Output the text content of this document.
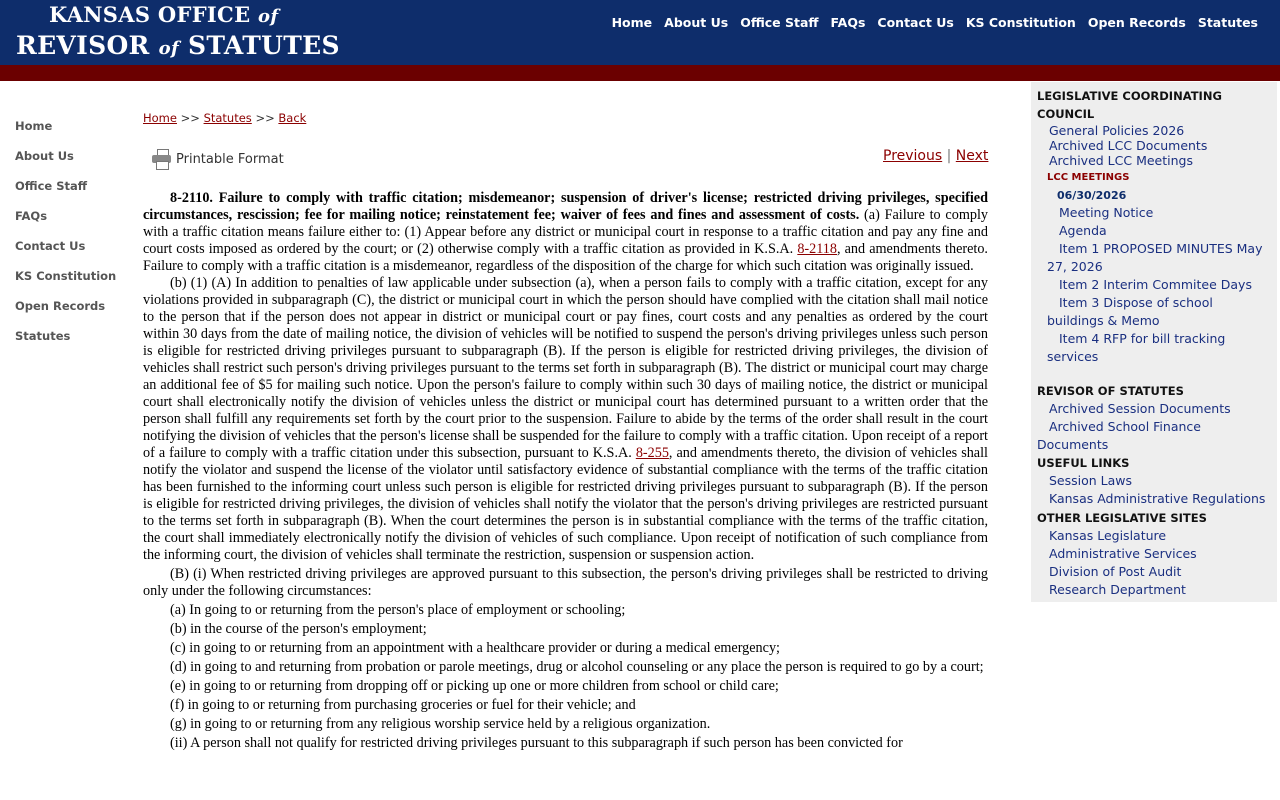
KANSAS OFFICE of
REVISOR of STATUTES
Home About Us Office Staff FAQs Contact Us KS Constitution Open Records Statutes
Home
About Us
Office Staff
FAQs
Contact Us
KS Constitution
Open Records
Statutes
Home >> Statutes >> Back
Printable Format	Previous | Next

8-2110. Failure to comply with traffic citation; misdemeanor; suspension of driver's license; restricted driving privileges, specified circumstances, rescission; fee for mailing notice; reinstatement fee; waiver of fees and fines and assessment of costs. (a) Failure to comply with a traffic citation means failure either to: (1) Appear before any district or municipal court in response to a traffic citation and pay any fine and court costs imposed as ordered by the court; or (2) otherwise comply with a traffic citation as provided in K.S.A. 8-2118, and amendments thereto. Failure to comply with a traffic citation is a misdemeanor, regardless of the disposition of the charge for which such citation was originally issued.

(b) (1) (A) In addition to penalties of law applicable under subsection (a), when a person fails to comply with a traffic citation, except for any violations provided in subparagraph (C), the district or municipal court in which the person should have complied with the citation shall mail notice to the person that if the person does not appear in district or municipal court or pay fines, court costs and any penalties as ordered by the court within 30 days from the date of mailing notice, the division of vehicles will be notified to suspend the person's driving privileges unless such person is eligible for restricted driving privileges pursuant to subparagraph (B). If the person is eligible for restricted driving privileges, the division of vehicles shall restrict such person's driving privileges pursuant to the terms set forth in subparagraph (B). The district or municipal court may charge an additional fee of $5 for mailing such notice. Upon the person's failure to comply within such 30 days of mailing notice, the district or municipal court shall electronically notify the division of vehicles unless the district or municipal court has determined pursuant to a written order that the person shall fulfill any requirements set forth by the court prior to the suspension. Failure to abide by the terms of the order shall result in the court notifying the division of vehicles that the person's license shall be suspended for the failure to comply with a traffic citation. Upon receipt of a report of a failure to comply with a traffic citation under this subsection, pursuant to K.S.A. 8-255, and amendments thereto, the division of vehicles shall notify the violator and suspend the license of the violator until satisfactory evidence of substantial compliance with the terms of the traffic citation has been furnished to the informing court unless such person is eligible for restricted driving privileges pursuant to subparagraph (B). If the person is eligible for restricted driving privileges, the division of vehicles shall notify the violator that the person's driving privileges are restricted pursuant to the terms set forth in subparagraph (B). When the court determines the person is in substantial compliance with the terms of the traffic citation, the court shall immediately electronically notify the division of vehicles of such compliance. Upon receipt of notification of such compliance from the informing court, the division of vehicles shall terminate the restriction, suspension or suspension action.

(B) (i) When restricted driving privileges are approved pursuant to this subsection, the person's driving privileges shall be restricted to driving only under the following circumstances:

(a) In going to or returning from the person's place of employment or schooling;

(b) in the course of the person's employment;

(c) in going to or returning from an appointment with a healthcare provider or during a medical emergency;

(d) in going to and returning from probation or parole meetings, drug or alcohol counseling or any place the person is required to go by a court;

(e) in going to or returning from dropping off or picking up one or more children from school or child care;

(f) in going to or returning from purchasing groceries or fuel for their vehicle; and

(g) in going to or returning from any religious worship service held by a religious organization.

(ii) A person shall not qualify for restricted driving privileges pursuant to this subparagraph if such person has been convicted for

LEGISLATIVE COORDINATING
COUNCIL
General Policies 2026
Archived LCC Documents
Archived LCC Meetings
LCC MEETINGS
06/30/2026
Meeting Notice
Agenda
Item 1 PROPOSED MINUTES May 27, 2026
Item 2 Interim Commitee Days
Item 3 Dispose of school buildings & Memo
Item 4 RFP for bill tracking services
REVISOR OF STATUTES
Archived Session Documents
Archived School Finance Documents
USEFUL LINKS
Session Laws
Kansas Administrative Regulations
OTHER LEGISLATIVE SITES
Kansas Legislature
Administrative Services
Division of Post Audit
Research Department
